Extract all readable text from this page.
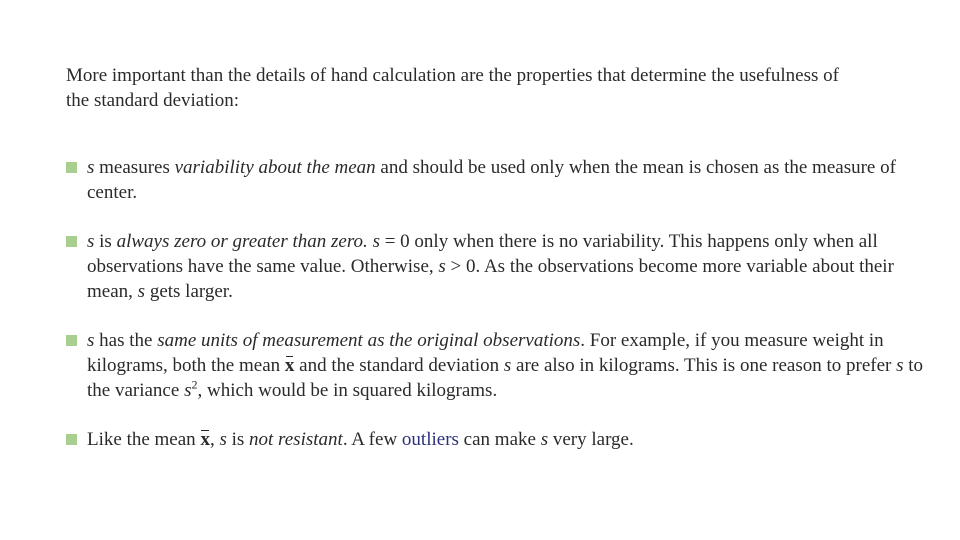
More important than the details of hand calculation are the properties that determine the usefulness of the standard deviation:

s measures variability about the mean and should be used only when the mean is chosen as the measure of center.
s is always zero or greater than zero. s = 0 only when there is no variability. This happens only when all observations have the same value. Otherwise, s > 0. As the observations become more variable about their mean, s gets larger.
s has the same units of measurement as the original observations. For example, if you measure weight in kilograms, both the mean x and the standard deviation s are also in kilograms. This is one reason to prefer s to the variance $s^2$, which would be in squared kilograms.
Like the mean x, s is not resistant. A few outliers can make s very large.
